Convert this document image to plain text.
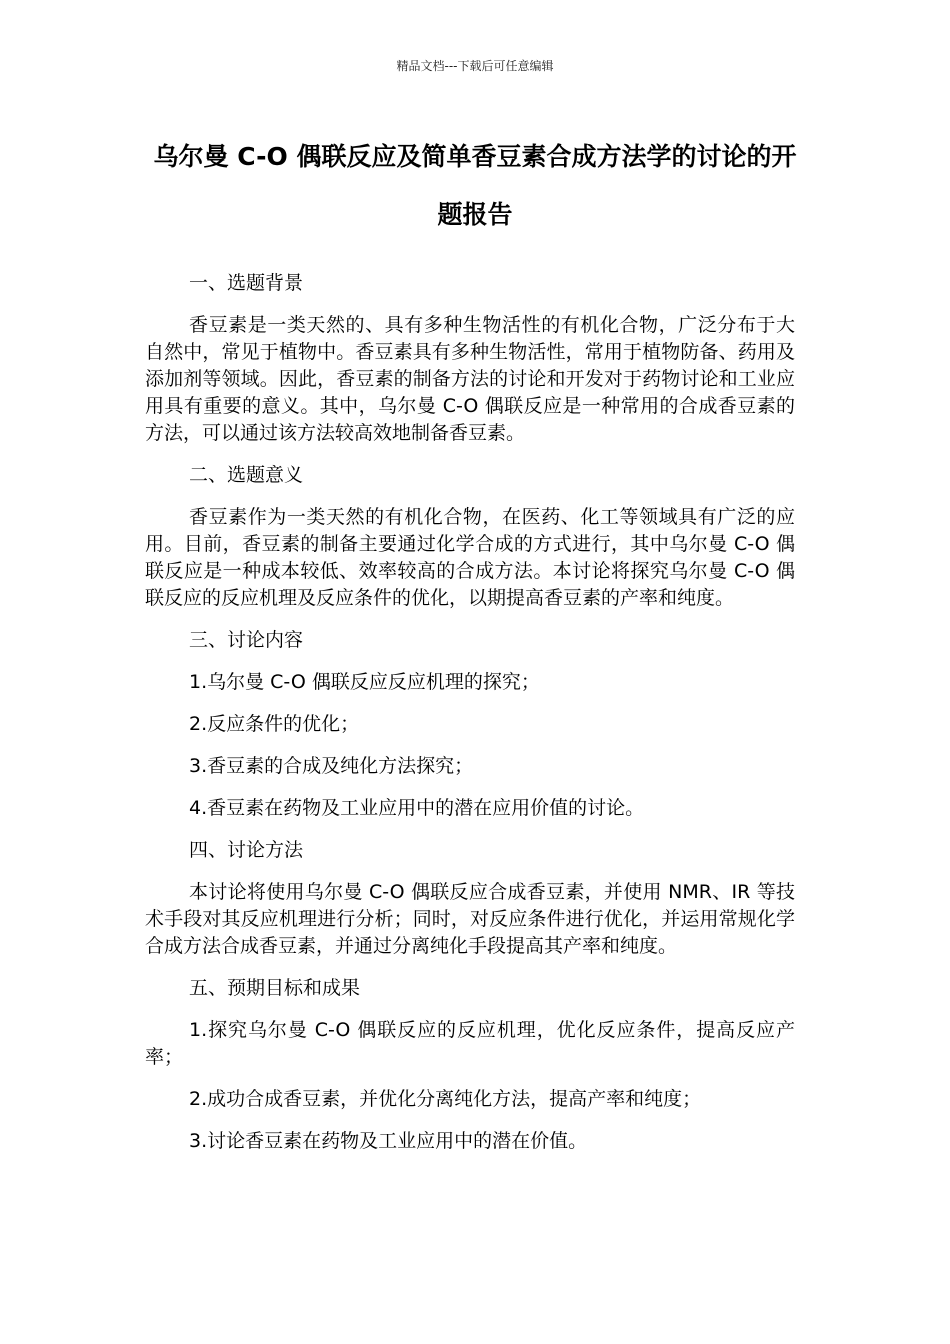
精品文档---下载后可任意编辑
乌尔曼 C-O 偶联反应及简单香豆素合成方法学的讨论的开题报告

一、选题背景

香豆素是一类天然的、具有多种生物活性的有机化合物，广泛分布于大自然中，常见于植物中。香豆素具有多种生物活性，常用于植物防备、药用及添加剂等领域。因此，香豆素的制备方法的讨论和开发对于药物讨论和工业应用具有重要的意义。其中，乌尔曼 C-O 偶联反应是一种常用的合成香豆素的方法，可以通过该方法较高效地制备香豆素。

二、选题意义

香豆素作为一类天然的有机化合物，在医药、化工等领域具有广泛的应用。目前，香豆素的制备主要通过化学合成的方式进行，其中乌尔曼 C-O 偶联反应是一种成本较低、效率较高的合成方法。本讨论将探究乌尔曼 C-O 偶联反应的反应机理及反应条件的优化，以期提高香豆素的产率和纯度。

三、讨论内容

1.乌尔曼 C-O 偶联反应反应机理的探究；

2.反应条件的优化；

3.香豆素的合成及纯化方法探究；

4.香豆素在药物及工业应用中的潜在应用价值的讨论。

四、讨论方法

本讨论将使用乌尔曼 C-O 偶联反应合成香豆素，并使用 NMR、IR 等技术手段对其反应机理进行分析；同时，对反应条件进行优化，并运用常规化学合成方法合成香豆素，并通过分离纯化手段提高其产率和纯度。

五、预期目标和成果

1.探究乌尔曼 C-O 偶联反应的反应机理，优化反应条件，提高反应产率；

2.成功合成香豆素，并优化分离纯化方法，提高产率和纯度；

3.讨论香豆素在药物及工业应用中的潜在价值。
